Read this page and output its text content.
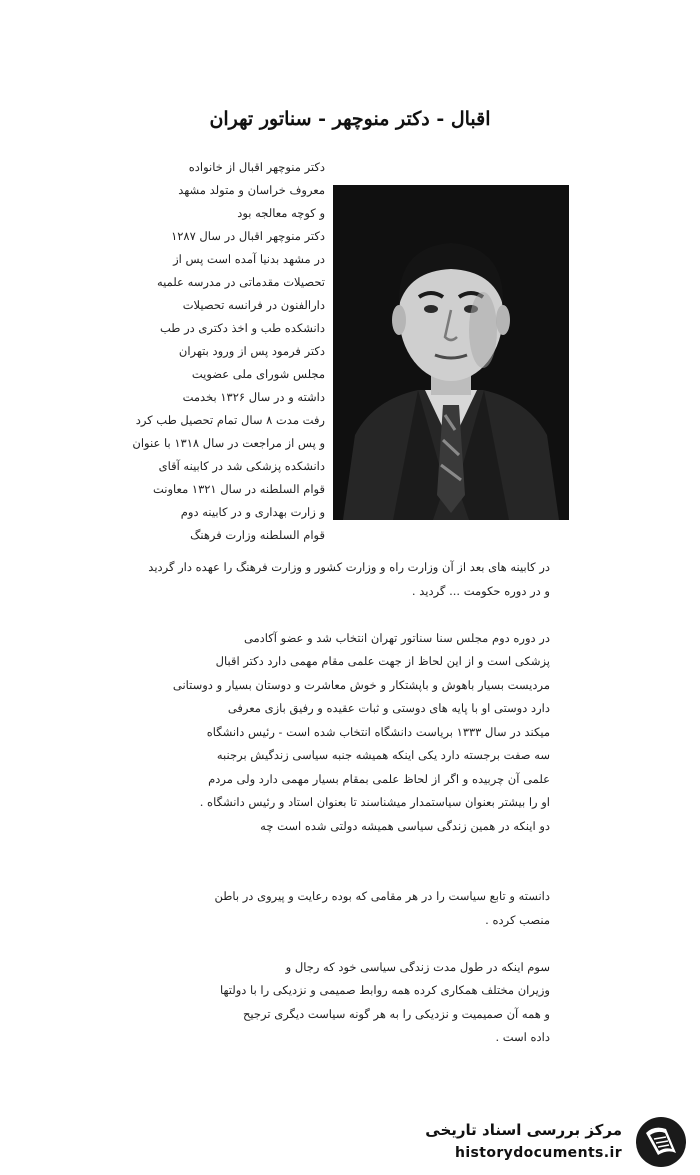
اقبال - دکتر منوچهر - سناتور تهران
دکتر منوچهر اقبال از خانواده
معروف خراسان و متولد مشهد
و کوچه معالجه بود
دکتر منوچهر اقبال در سال ۱۲۸۷
در مشهد بدنیا آمده است پس از
تحصیلات مقدماتی در مدرسه علمیه
دارالفنون در فرانسه تحصیلات
دانشکده طب و اخذ دکتری در طب
دکتر فرمود پس از ورود بتهران
مجلس شورای ملی عضویت
داشته و در سال ۱۳۲۶ بخدمت
رفت مدت ۸ سال تمام تحصیل طب کرد
و پس از مراجعت در سال ۱۳۱۸ با عنوان
دانشکده پزشکی شد در کابینه آقای
قوام السلطنه در سال ۱۳۲۱ معاونت
و زارت بهداری و در کابینه دوم
قوام السلطنه وزارت فرهنگ
در کابینه های بعد از آن وزارت راه و وزارت کشور و وزارت فرهنگ را عهده دار گردید
و در دوره حکومت ... گردید .
در دوره دوم مجلس سنا سناتور تهران انتخاب شد و عضو آکادمی
پزشکی است و از این لحاظ از جهت علمی مقام مهمی دارد دکتر اقبال
مردیست بسیار باهوش و باپشتکار و خوش معاشرت و دوستان بسیار و دوستانی
دارد دوستی او با پایه های دوستی و ثبات عقیده و رفیق بازی معرفی
میکند در سال ۱۳۳۳ بریاست دانشگاه انتخاب شده است - رئیس دانشگاه
سه صفت برجسته دارد یکی اینکه همیشه جنبه سیاسی زندگیش برجنبه
علمی آن چربیده و اگر از لحاظ علمی بمقام بسیار مهمی دارد ولی مردم
او را بیشتر بعنوان سیاستمدار میشناسند تا بعنوان استاد و رئیس دانشگاه .
دو اینکه در همین زندگی سیاسی همیشه دولتی شده است چه
دانسته و تابع سیاست را در هر مقامی که بوده رعایت و پیروی در باطن
منصب کرده .
سوم اینکه در طول مدت زندگی سیاسی خود که رجال و
وزیران مختلف همکاری کرده همه روابط صمیمی و نزدیکی را با دولتها
و همه آن صمیمیت و نزدیکی را به هر گونه سیاست دیگری ترجیح
داده است .
مرکز بررسی اسناد تاریخی
historydocuments.ir
